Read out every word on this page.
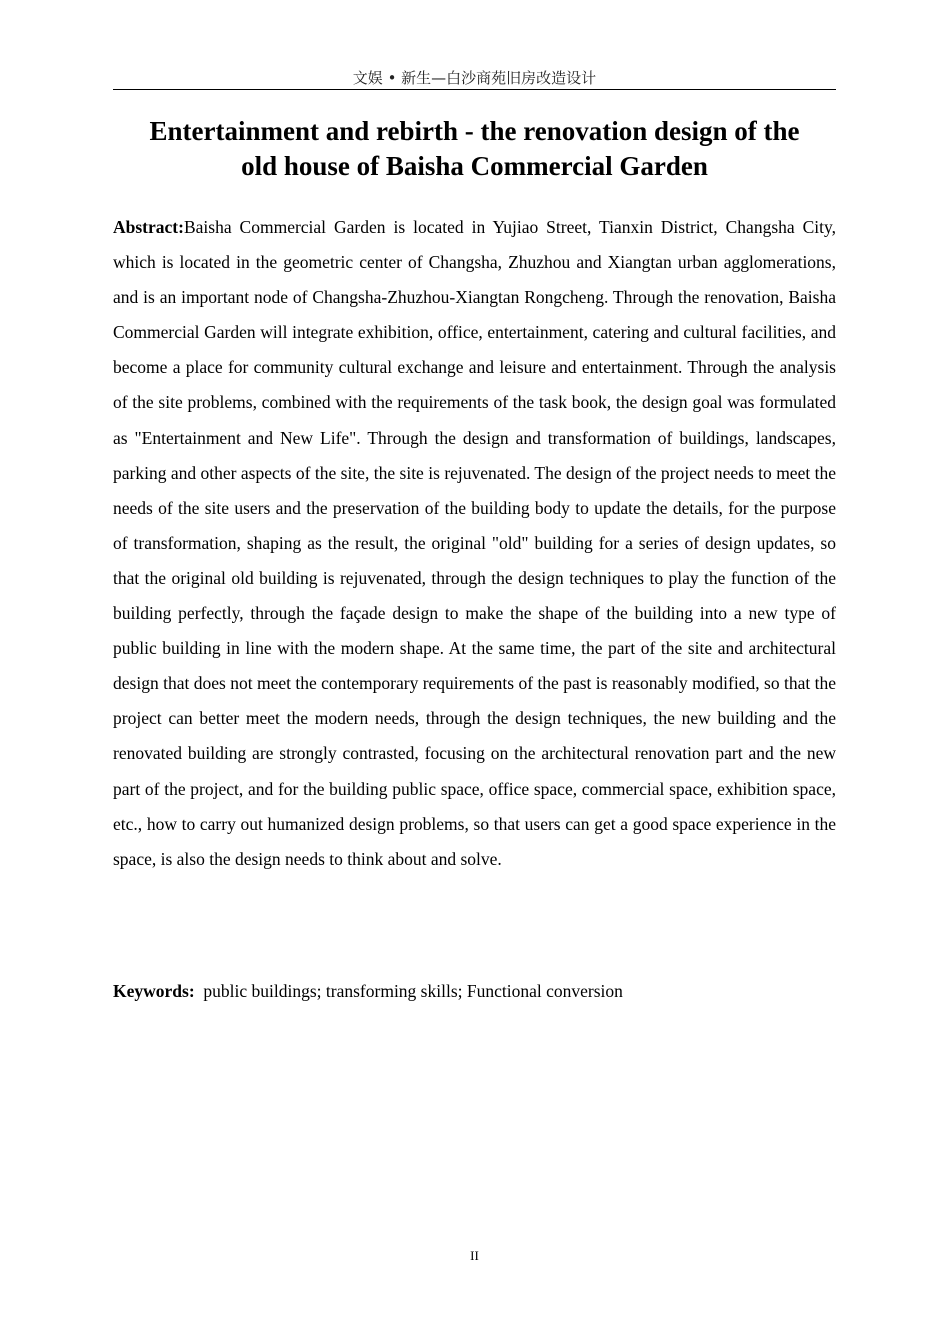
文娱 • 新生—白沙商苑旧房改造设计
Entertainment and rebirth - the renovation design of the
old house of Baisha Commercial Garden

Abstract:Baisha Commercial Garden is located in Yujiao Street, Tianxin District, Changsha City, which is located in the geometric center of Changsha, Zhuzhou and Xiangtan urban agglomerations, and is an important node of Changsha-Zhuzhou-Xiangtan Rongcheng. Through the renovation, Baisha Commercial Garden will integrate exhibition, office, entertainment, catering and cultural facilities, and become a place for community cultural exchange and leisure and entertainment. Through the analysis of the site problems, combined with the requirements of the task book, the design goal was formulated as "Entertainment and New Life". Through the design and transformation of buildings, landscapes, parking and other aspects of the site, the site is rejuvenated. The design of the project needs to meet the needs of the site users and the preservation of the building body to update the details, for the purpose of transformation, shaping as the result, the original "old" building for a series of design updates, so that the original old building is rejuvenated, through the design techniques to play the function of the building perfectly, through the façade design to make the shape of the building into a new type of public building in line with the modern shape. At the same time, the part of the site and architectural design that does not meet the contemporary requirements of the past is reasonably modified, so that the project can better meet the modern needs, through the design techniques, the new building and the renovated building are strongly contrasted, focusing on the architectural renovation part and the new part of the project, and for the building public space, office space, commercial space, exhibition space, etc., how to carry out humanized design problems, so that users can get a good space experience in the space, is also the design needs to think about and solve.

Keywords: public buildings; transforming skills; Functional conversion

II
